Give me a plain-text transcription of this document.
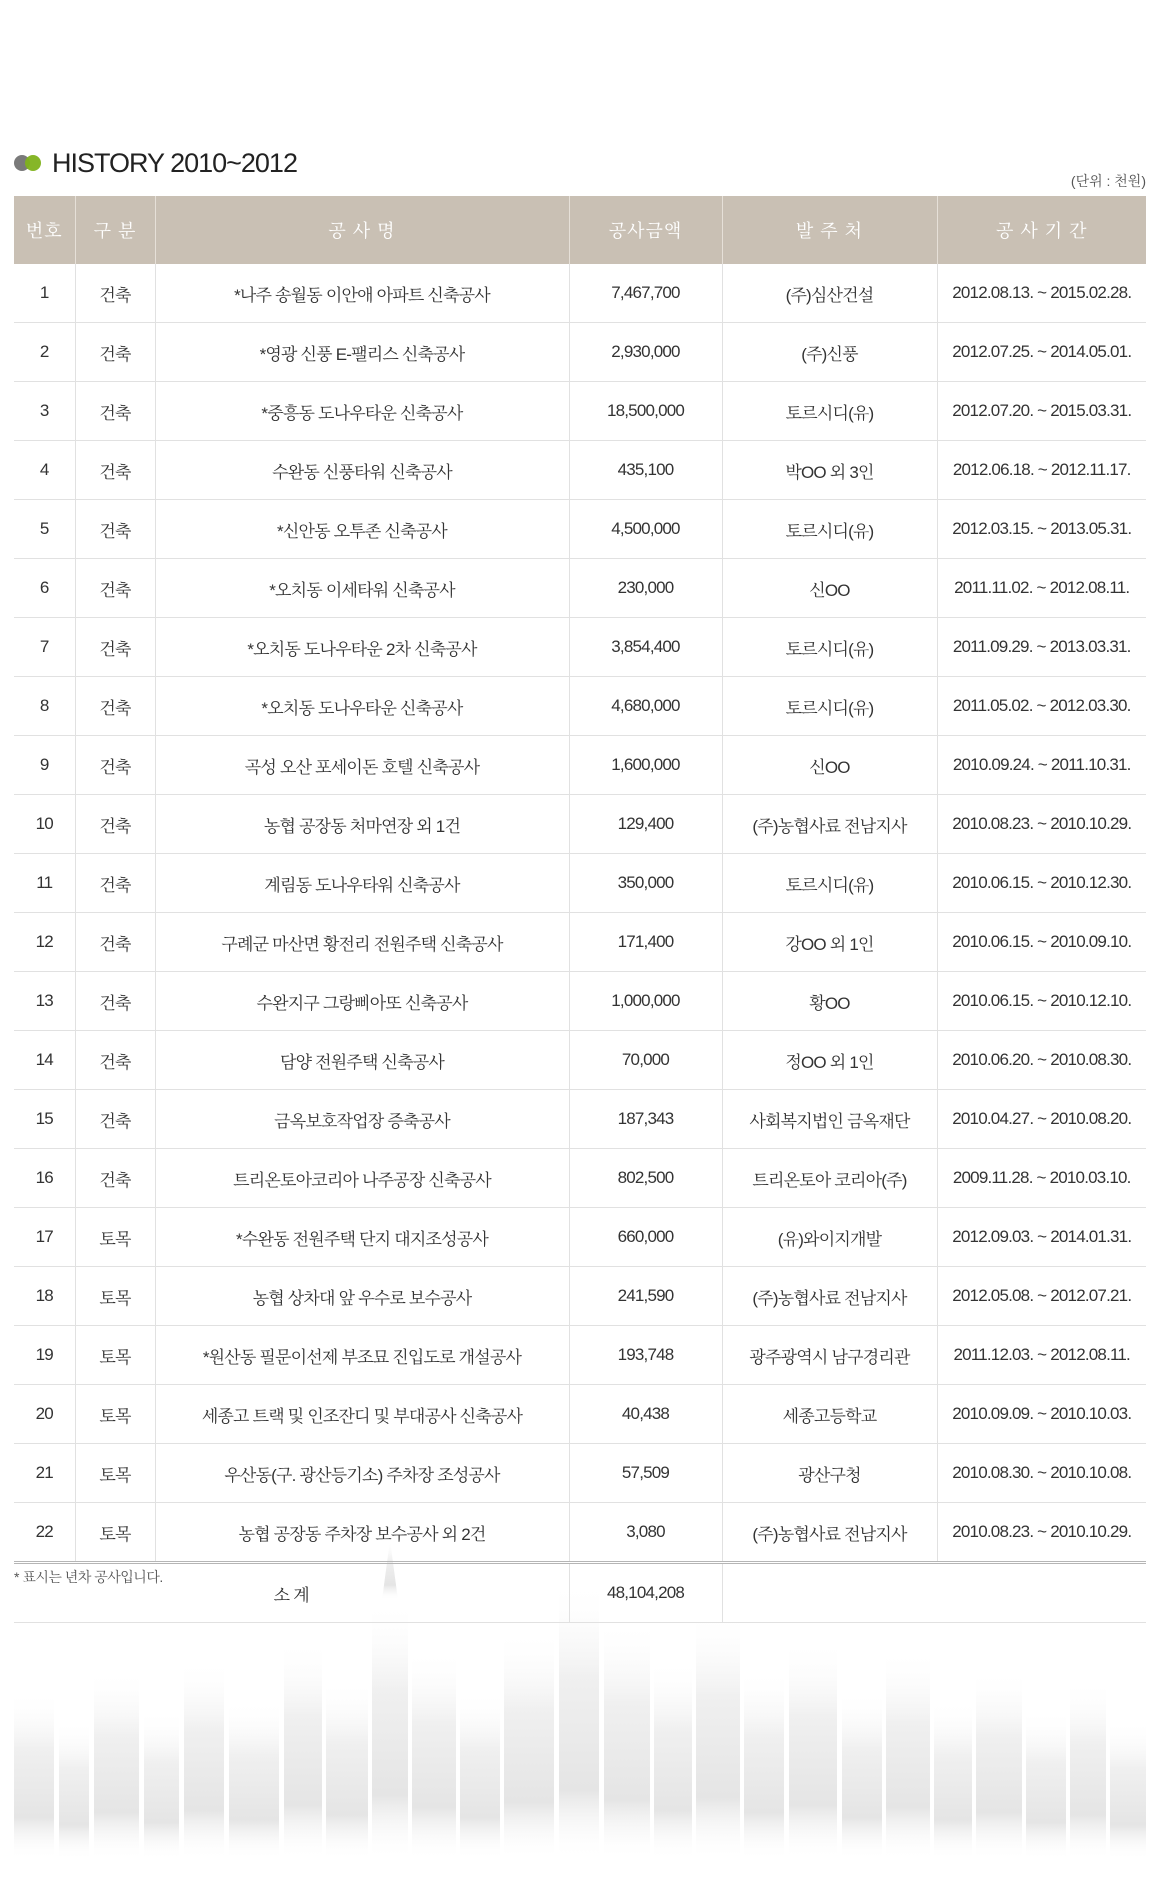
HISTORY 2010~2012
(단위 : 천원)
번호	구 분	공 사 명	공사금액	발 주 처	공 사 기 간
1	건축	*나주 송월동 이안애 아파트 신축공사	7,467,700	(주)심산건설	2012.08.13. ~ 2015.02.28.
2	건축	*영광 신풍 E-팰리스 신축공사	2,930,000	(주)신풍	2012.07.25. ~ 2014.05.01.
3	건축	*중흥동 도나우타운 신축공사	18,500,000	토르시디(유)	2012.07.20. ~ 2015.03.31.
4	건축	수완동 신풍타워 신축공사	435,100	박OO 외 3인	2012.06.18. ~ 2012.11.17.
5	건축	*신안동 오투존 신축공사	4,500,000	토르시디(유)	2012.03.15. ~ 2013.05.31.
6	건축	*오치동 이세타워 신축공사	230,000	신OO	2011.11.02. ~ 2012.08.11.
7	건축	*오치동 도나우타운 2차 신축공사	3,854,400	토르시디(유)	2011.09.29. ~ 2013.03.31.
8	건축	*오치동 도나우타운 신축공사	4,680,000	토르시디(유)	2011.05.02. ~ 2012.03.30.
9	건축	곡성 오산 포세이돈 호텔 신축공사	1,600,000	신OO	2010.09.24. ~ 2011.10.31.
10	건축	농협 공장동 처마연장 외 1건	129,400	(주)농협사료 전남지사	2010.08.23. ~ 2010.10.29.
11	건축	계림동 도나우타워 신축공사	350,000	토르시디(유)	2010.06.15. ~ 2010.12.30.
12	건축	구례군 마산면 황전리 전원주택 신축공사	171,400	강OO 외 1인	2010.06.15. ~ 2010.09.10.
13	건축	수완지구 그랑삐아또 신축공사	1,000,000	황OO	2010.06.15. ~ 2010.12.10.
14	건축	담양 전원주택 신축공사	70,000	정OO 외 1인	2010.06.20. ~ 2010.08.30.
15	건축	금옥보호작업장 증축공사	187,343	사회복지법인 금옥재단	2010.04.27. ~ 2010.08.20.
16	건축	트리온토아코리아 나주공장 신축공사	802,500	트리온토아 코리아(주)	2009.11.28. ~ 2010.03.10.
17	토목	*수완동 전원주택 단지 대지조성공사	660,000	(유)와이지개발	2012.09.03. ~ 2014.01.31.
18	토목	농협 상차대 앞 우수로 보수공사	241,590	(주)농협사료 전남지사	2012.05.08. ~ 2012.07.21.
19	토목	*원산동 필문이선제 부조묘 진입도로 개설공사	193,748	광주광역시 남구경리관	2011.12.03. ~ 2012.08.11.
20	토목	세종고 트랙 및 인조잔디 및 부대공사 신축공사	40,438	세종고등학교	2010.09.09. ~ 2010.10.03.
21	토목	우산동(구. 광산등기소) 주차장 조성공사	57,509	광산구청	2010.08.30. ~ 2010.10.08.
22	토목	농협 공장동 주차장 보수공사 외 2건	3,080	(주)농협사료 전남지사	2010.08.23. ~ 2010.10.29.
소 계			48,104,208		
* 표시는 년차 공사입니다.
